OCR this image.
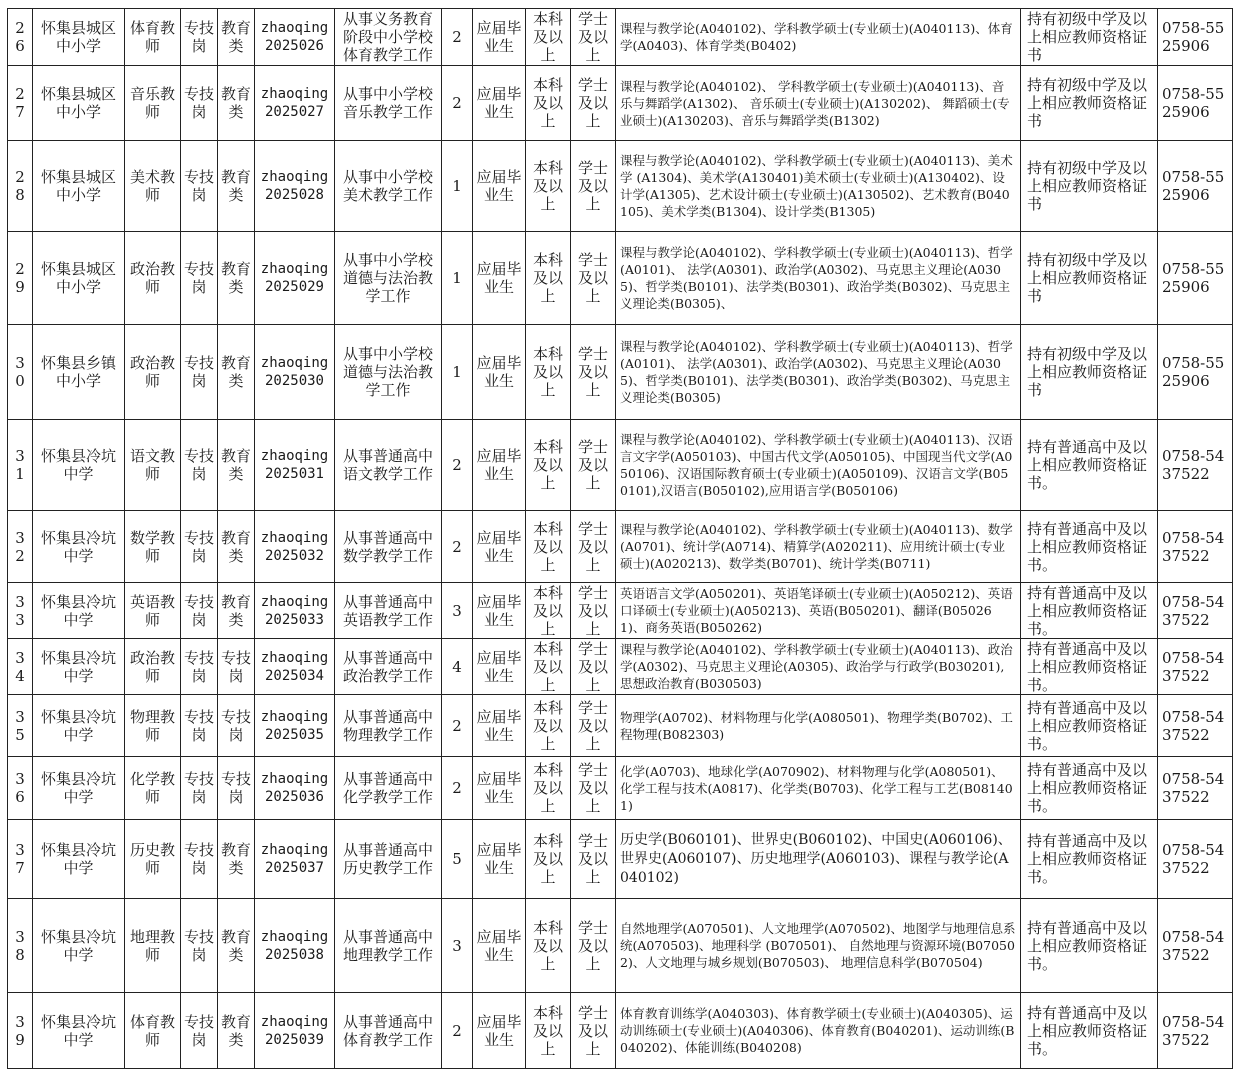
26	怀集县城区中小学	体育教师	专技岗	教育类	zhaoqing 2025026	从事义务教育阶段中小学校体育教学工作	2	应届毕业生	本科及以上	学士及以上	课程与教学论(A040102)、学科教学硕士(专业硕士)(A040113)、体育学(A0403)、体育学类(B0402)	持有初级中学及以上相应教师资格证书	0758-5525906
27	怀集县城区中小学	音乐教师	专技岗	教育类	zhaoqing 2025027	从事中小学校音乐教学工作	2	应届毕业生	本科及以上	学士及以上	课程与教学论(A040102)、 学科教学硕士(专业硕士)(A040113)、音乐与舞蹈学(A1302)、 音乐硕士(专业硕士)(A130202)、 舞蹈硕士(专业硕士)(A130203)、音乐与舞蹈学类(B1302)	持有初级中学及以上相应教师资格证书	0758-5525906
28	怀集县城区中小学	美术教师	专技岗	教育类	zhaoqing 2025028	从事中小学校美术教学工作	1	应届毕业生	本科及以上	学士及以上	课程与教学论(A040102)、学科教学硕士(专业硕士)(A040113)、美术学 (A1304)、美术学(A130401)美术硕士(专业硕士)(A130402)、设计学(A1305)、艺术设计硕士(专业硕士)(A130502)、艺术教育(B040105)、美术学类(B1304)、设计学类(B1305)	持有初级中学及以上相应教师资格证书	0758-5525906
29	怀集县城区中小学	政治教师	专技岗	教育类	zhaoqing 2025029	从事中小学校道德与法治教学工作	1	应届毕业生	本科及以上	学士及以上	课程与教学论(A040102)、学科教学硕士(专业硕士)(A040113)、哲学(A0101)、 法学(A0301)、政治学(A0302)、马克思主义理论(A0305)、哲学类(B0101)、法学类(B0301)、政治学类(B0302)、马克思主义理论类(B0305)、	持有初级中学及以上相应教师资格证书	0758-5525906
30	怀集县乡镇中小学	政治教师	专技岗	教育类	zhaoqing 2025030	从事中小学校道德与法治教学工作	1	应届毕业生	本科及以上	学士及以上	课程与教学论(A040102)、学科教学硕士(专业硕士)(A040113)、哲学(A0101)、 法学(A0301)、政治学(A0302)、马克思主义理论(A0305)、哲学类(B0101)、法学类(B0301)、政治学类(B0302)、马克思主义理论类(B0305)	持有初级中学及以上相应教师资格证书	0758-5525906
31	怀集县冷坑中学	语文教师	专技岗	教育类	zhaoqing 2025031	从事普通高中语文教学工作	2	应届毕业生	本科及以上	学士及以上	课程与教学论(A040102)、学科教学硕士(专业硕士)(A040113)、汉语言文字学(A050103)、中国古代文学(A050105)、中国现当代文学(A050106)、汉语国际教育硕士(专业硕士)(A050109)、汉语言文学(B050101),汉语言(B050102),应用语言学(B050106)	持有普通高中及以上相应教师资格证书。	0758-5437522
32	怀集县冷坑中学	数学教师	专技岗	教育类	zhaoqing 2025032	从事普通高中数学教学工作	2	应届毕业生	本科及以上	学士及以上	课程与教学论(A040102)、学科教学硕士(专业硕士)(A040113)、数学(A0701)、统计学(A0714)、精算学(A020211)、应用统计硕士(专业硕士)(A020213)、数学类(B0701)、统计学类(B0711)	持有普通高中及以上相应教师资格证书。	0758-5437522
33	怀集县冷坑中学	英语教师	专技岗	教育类	zhaoqing 2025033	从事普通高中英语教学工作	3	应届毕业生	本科及以上	学士及以上	英语语言文学(A050201)、英语笔译硕士(专业硕士)(A050212)、英语口译硕士(专业硕士)(A050213)、英语(B050201)、翻译(B050261)、商务英语(B050262)	持有普通高中及以上相应教师资格证书。	0758-5437522
34	怀集县冷坑中学	政治教师	专技岗	专技岗	zhaoqing 2025034	从事普通高中政治教学工作	4	应届毕业生	本科及以上	学士及以上	课程与教学论(A040102)、学科教学硕士(专业硕士)(A040113)、政治学(A0302)、马克思主义理论(A0305)、政治学与行政学(B030201),思想政治教育(B030503)	持有普通高中及以上相应教师资格证书。	0758-5437522
35	怀集县冷坑中学	物理教师	专技岗	专技岗	zhaoqing 2025035	从事普通高中物理教学工作	2	应届毕业生	本科及以上	学士及以上	物理学(A0702)、材料物理与化学(A080501)、物理学类(B0702)、工程物理(B082303)	持有普通高中及以上相应教师资格证书。	0758-5437522
36	怀集县冷坑中学	化学教师	专技岗	专技岗	zhaoqing 2025036	从事普通高中化学教学工作	2	应届毕业生	本科及以上	学士及以上	化学(A0703)、地球化学(A070902)、材料物理与化学(A080501)、化学工程与技术(A0817)、化学类(B0703)、化学工程与工艺(B081401)	持有普通高中及以上相应教师资格证书。	0758-5437522
37	怀集县冷坑中学	历史教师	专技岗	教育类	zhaoqing 2025037	从事普通高中历史教学工作	5	应届毕业生	本科及以上	学士及以上	历史学(B060101)、世界史(B060102)、中国史(A060106)、世界史(A060107)、历史地理学(A060103)、课程与教学论(A040102)	持有普通高中及以上相应教师资格证书。	0758-5437522
38	怀集县冷坑中学	地理教师	专技岗	教育类	zhaoqing 2025038	从事普通高中地理教学工作	3	应届毕业生	本科及以上	学士及以上	自然地理学(A070501)、人文地理学(A070502)、地图学与地理信息系统(A070503)、地理科学 (B070501)、 自然地理与资源环境(B070502)、人文地理与城乡规划(B070503)、 地理信息科学(B070504)	持有普通高中及以上相应教师资格证书。	0758-5437522
39	怀集县冷坑中学	体育教师	专技岗	教育类	zhaoqing 2025039	从事普通高中体育教学工作	2	应届毕业生	本科及以上	学士及以上	体育教育训练学(A040303)、体育教学硕士(专业硕士)(A040305)、运动训练硕士(专业硕士)(A040306)、体育教育(B040201)、运动训练(B040202)、体能训练(B040208)	持有普通高中及以上相应教师资格证书。	0758-5437522
